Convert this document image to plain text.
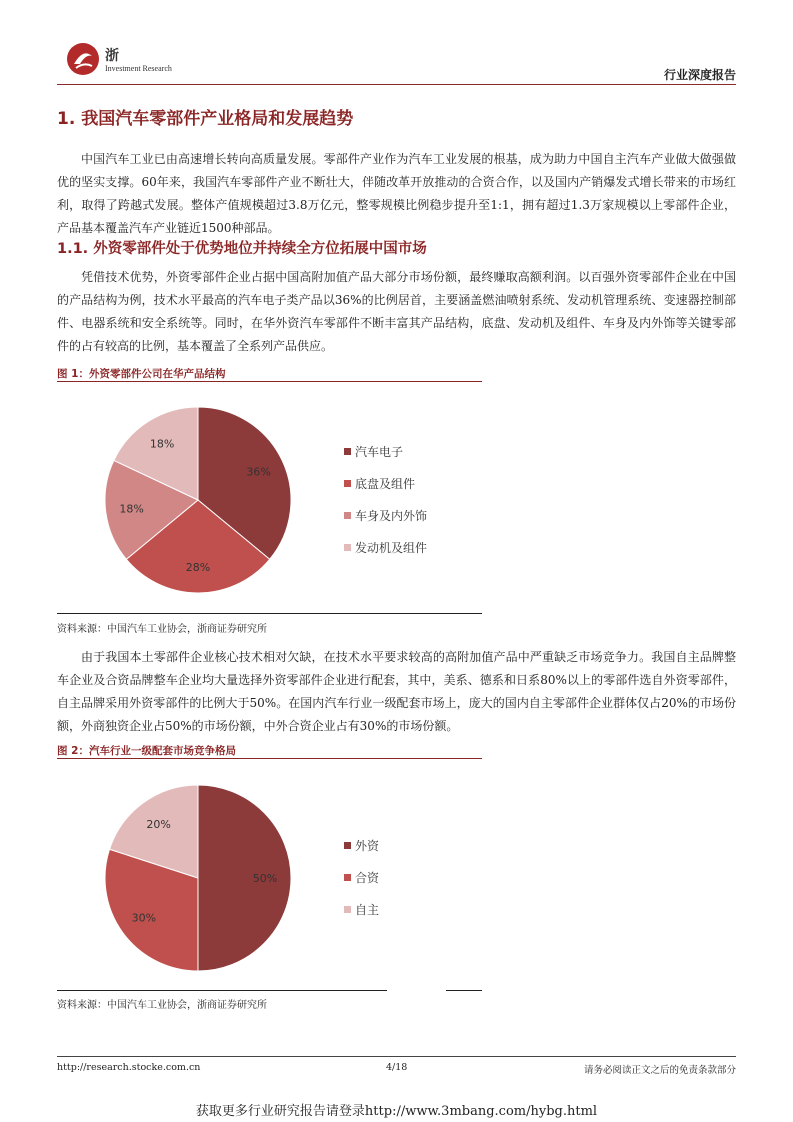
浙
Investment Research	行业深度报告
1. 我国汽车零部件产业格局和发展趋势
中国汽车工业已由高速增长转向高质量发展。零部件产业作为汽车工业发展的根基，成为助力中国自主汽车产业做大做强做优的坚实支撑。60年来，我国汽车零部件产业不断壮大，伴随改革开放推动的合资合作，以及国内产销爆发式增长带来的市场红利，取得了跨越式发展。整体产值规模超过3.8万亿元，整零规模比例稳步提升至1:1，拥有超过1.3万家规模以上零部件企业，产品基本覆盖汽车产业链近1500种部品。
1.1. 外资零部件处于优势地位并持续全方位拓展中国市场
凭借技术优势，外资零部件企业占据中国高附加值产品大部分市场份额，最终赚取高额利润。以百强外资零部件企业在中国的产品结构为例，技术水平最高的汽车电子类产品以36%的比例居首，主要涵盖燃油喷射系统、发动机管理系统、变速器控制部件、电器系统和安全系统等。同时，在华外资汽车零部件不断丰富其产品结构，底盘、发动机及组件、车身及内外饰等关键零部件的占有较高的比例，基本覆盖了全系列产品供应。
图 1：外资零部件公司在华产品结构
36%
28%
18%
18%
汽车电子
底盘及组件
车身及内外饰
发动机及组件
资料来源：中国汽车工业协会，浙商证券研究所
由于我国本土零部件企业核心技术相对欠缺，在技术水平要求较高的高附加值产品中严重缺乏市场竞争力。我国自主品牌整车企业及合资品牌整车企业均大量选择外资零部件企业进行配套，其中，美系、德系和日系80%以上的零部件选自外资零部件，自主品牌采用外资零部件的比例大于50%。在国内汽车行业一级配套市场上，庞大的国内自主零部件企业群体仅占20%的市场份额，外商独资企业占50%的市场份额，中外合资企业占有30%的市场份额。
图 2：汽车行业一级配套市场竞争格局
50%
30%
20%
外资
合资
自主
资料来源：中国汽车工业协会，浙商证券研究所
http://research.stocke.com.cn	4/18	请务必阅读正文之后的免责条款部分
获取更多行业研究报告请登录http://www.3mbang.com/hybg.html
